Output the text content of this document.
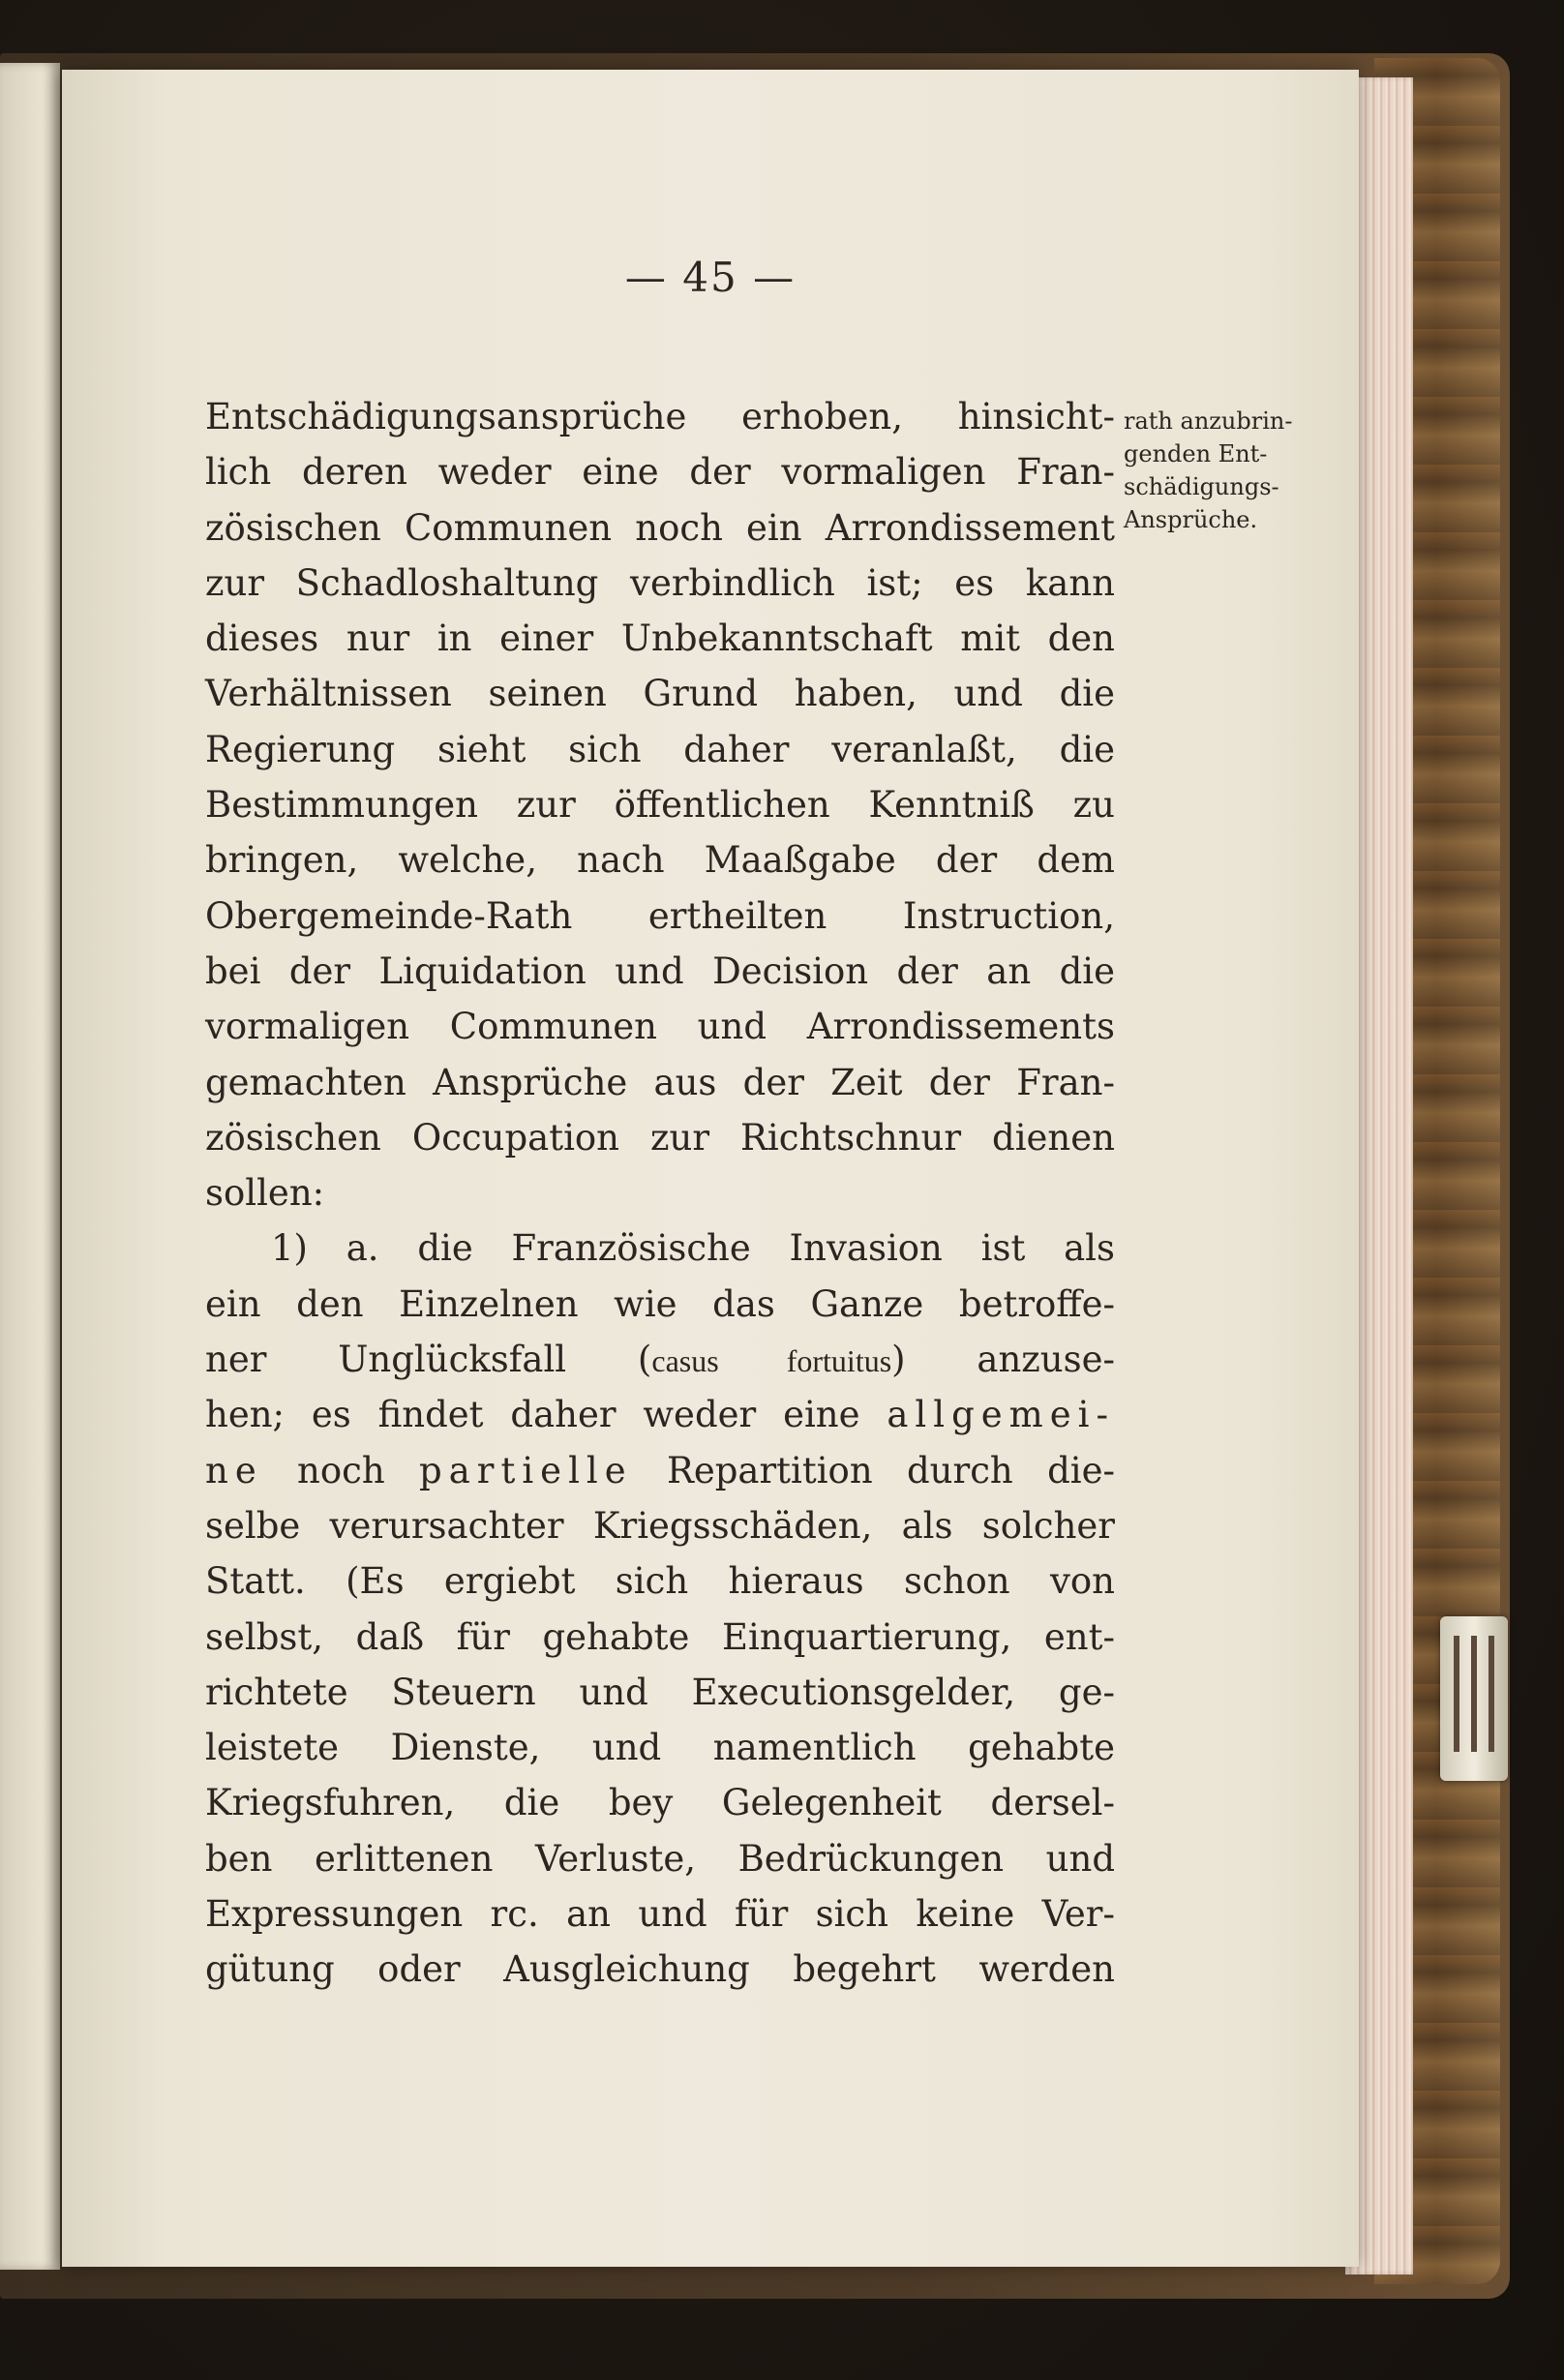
— 45 —
Entschädigungsansprüche erhoben, hinsicht-
lich deren weder eine der vormaligen Fran-
zösischen Communen noch ein Arrondissement
zur Schadloshaltung verbindlich ist; es kann
dieses nur in einer Unbekanntschaft mit den
Verhältnissen seinen Grund haben, und die
Regierung sieht sich daher veranlaßt, die
Bestimmungen zur öffentlichen Kenntniß zu
bringen, welche, nach Maaßgabe der dem
Obergemeinde-Rath ertheilten Instruction,
bei der Liquidation und Decision der an die
vormaligen Communen und Arrondissements
gemachten Ansprüche aus der Zeit der Fran-
zösischen Occupation zur Richtschnur dienen
sollen:
1) a. die Französische Invasion ist als
ein den Einzelnen wie das Ganze betroffe-
ner Unglücksfall (casus fortuitus) anzuse-
hen; es findet daher weder eine allgemei-
ne noch partielle Repartition durch die-
selbe verursachter Kriegsschäden, als solcher
Statt. (Es ergiebt sich hieraus schon von
selbst, daß für gehabte Einquartierung, ent-
richtete Steuern und Executionsgelder, ge-
leistete Dienste, und namentlich gehabte
Kriegsfuhren, die bey Gelegenheit dersel-
ben erlittenen Verluste, Bedrückungen und
Expressungen rc. an und für sich keine Ver-
gütung oder Ausgleichung begehrt werden
rath anzubrin-
genden Ent-
schädigungs-
Ansprüche.
